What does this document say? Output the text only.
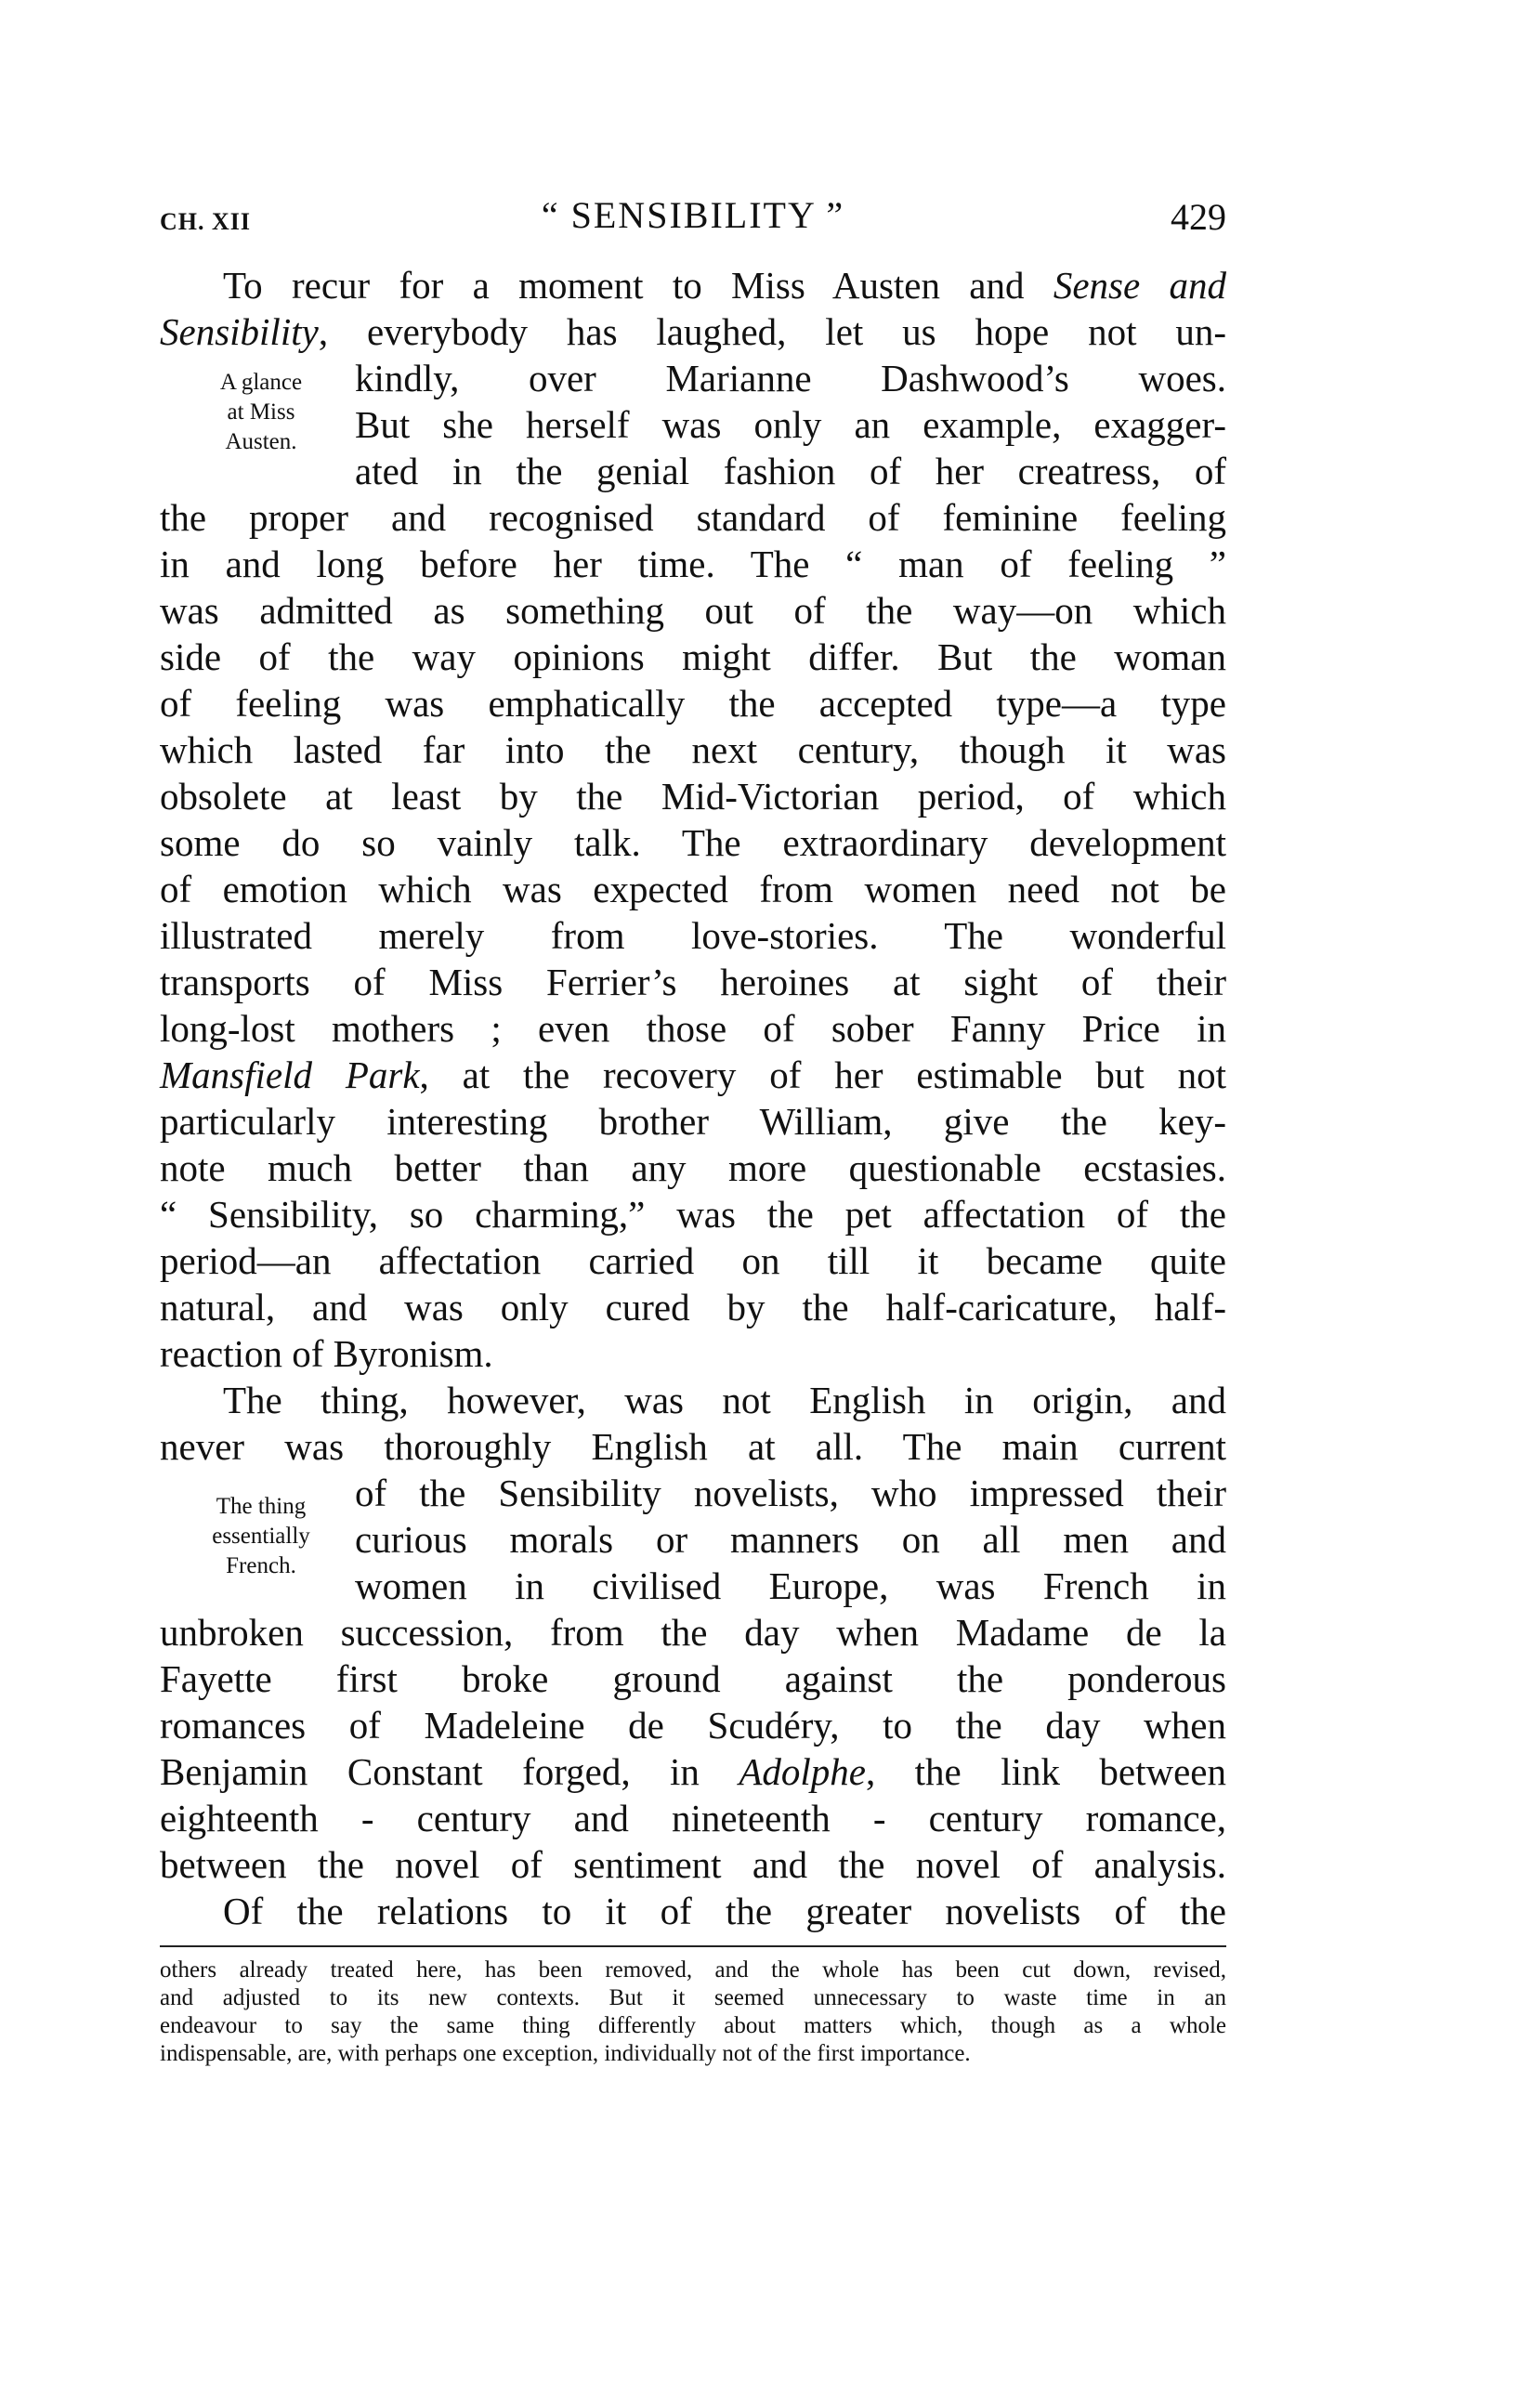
CH. XII	“ SENSIBILITY ”	429
A glance
at Miss
Austen.
The thing
essentially
French.
To recur for a moment to Miss Austen and Sense and
Sensibility, everybody has laughed, let us hope not un-
kindly, over Marianne Dashwood’s woes.
But she herself was only an example, exagger-
ated in the genial fashion of her creatress, of
the proper and recognised standard of feminine feeling
in and long before her time. The “ man of feeling ”
was admitted as something out of the way—on which
side of the way opinions might differ. But the woman
of feeling was emphatically the accepted type—a type
which lasted far into the next century, though it was
obsolete at least by the Mid-Victorian period, of which
some do so vainly talk. The extraordinary development
of emotion which was expected from women need not be
illustrated merely from love-stories. The wonderful
transports of Miss Ferrier’s heroines at sight of their
long-lost mothers ; even those of sober Fanny Price in
Mansfield Park, at the recovery of her estimable but not
particularly interesting brother William, give the key-
note much better than any more questionable ecstasies.
“ Sensibility, so charming,” was the pet affectation of the
period—an affectation carried on till it became quite
natural, and was only cured by the half-caricature, half-
reaction of Byronism.
The thing, however, was not English in origin, and
never was thoroughly English at all. The main current
of the Sensibility novelists, who impressed their
curious morals or manners on all men and
women in civilised Europe, was French in
unbroken succession, from the day when Madame de la
Fayette first broke ground against the ponderous
romances of Madeleine de Scudéry, to the day when
Benjamin Constant forged, in Adolphe, the link between
eighteenth - century and nineteenth - century romance,
between the novel of sentiment and the novel of analysis.
Of the relations to it of the greater novelists of the
others already treated here, has been removed, and the whole has been cut down, revised,
and adjusted to its new contexts. But it seemed unnecessary to waste time in an
endeavour to say the same thing differently about matters which, though as a whole
indispensable, are, with perhaps one exception, individually not of the first importance.
